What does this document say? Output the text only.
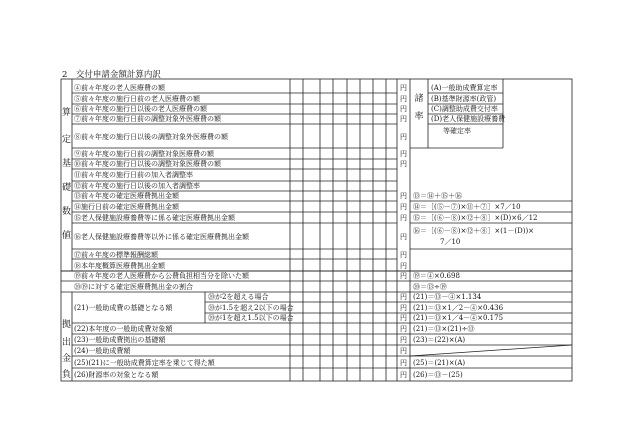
2　交付申請金額計算内訳
算
定
基
礎
数
値
拠
出
金
負
諸
率
④前々年度の老人医療費の額
⑤前々年度の施行日前の老人医療費の額
⑥前々年度の施行日以後の老人医療費の額
⑦前々年度の施行日前の調整対象外医療費の額
⑧前々年度の施行日以後の調整対象外医療費の額
⑨前々年度の施行日前の調整対象医療費の額
⑩前々年度の施行日以後の調整対象医療費の額
⑪前々年度の施行日前の加入者調整率
⑫前々年度の施行日以後の加入者調整率
⑬前々年度の確定医療費拠出金額
⑭施行日前の確定医療費拠出金額
⑮老人保健施設療養費等に係る確定医療費拠出金額
⑯老人保健施設療養費等以外に係る確定医療費拠出金額
⑰前々年度の標準報酬総額
⑱本年度概算医療費拠出金額
円
円
円
円
円
円
円
円
円
円
円
円
円
円
円
円
円
円
円
円
円
円
(A)一般助成費算定率
(B)基準財源率(政管)
(C)調整助成費交付率
(D)老人保健施設療養費
等確定率
⑬＝⑭＋⑮＋⑯
⑭＝［(⑤－⑦)×⑪＋⑦］×7／10
⑮＝［(⑥－⑧)×⑫＋⑧］×(D)×6／12
⑯＝［(⑥－⑧)×⑫＋⑧］×(1－(D))×
7／10
⑲前々年度の老人医療費から公費負担相当分を除いた額
⑳⑲に対する確定医療費拠出金の割合
(21)一般助成費の基礎となる額
(22)本年度の一般助成費対象額
(23)一般助成費拠出の基礎額
(24)一般助成費額
(25)(21)に一般助成費算定率を乗じて得た額
(26)財源率の対象となる額
⑳が2を超える場合
⑳が1.5を超え2以下の場合
⑳が1を超え1.5以下の場合
⑲＝④×0.698
⑳＝⑬÷⑲
(21)＝⑬－④×1.134
(21)＝⑬×1／2－④×0.436
(21)＝⑬×1／4－④×0.175
(21)＝⑬×(21)÷⑬
(23)＝(22)×(A)
(25)＝(21)×(A)
(26)＝⑬－(25)
